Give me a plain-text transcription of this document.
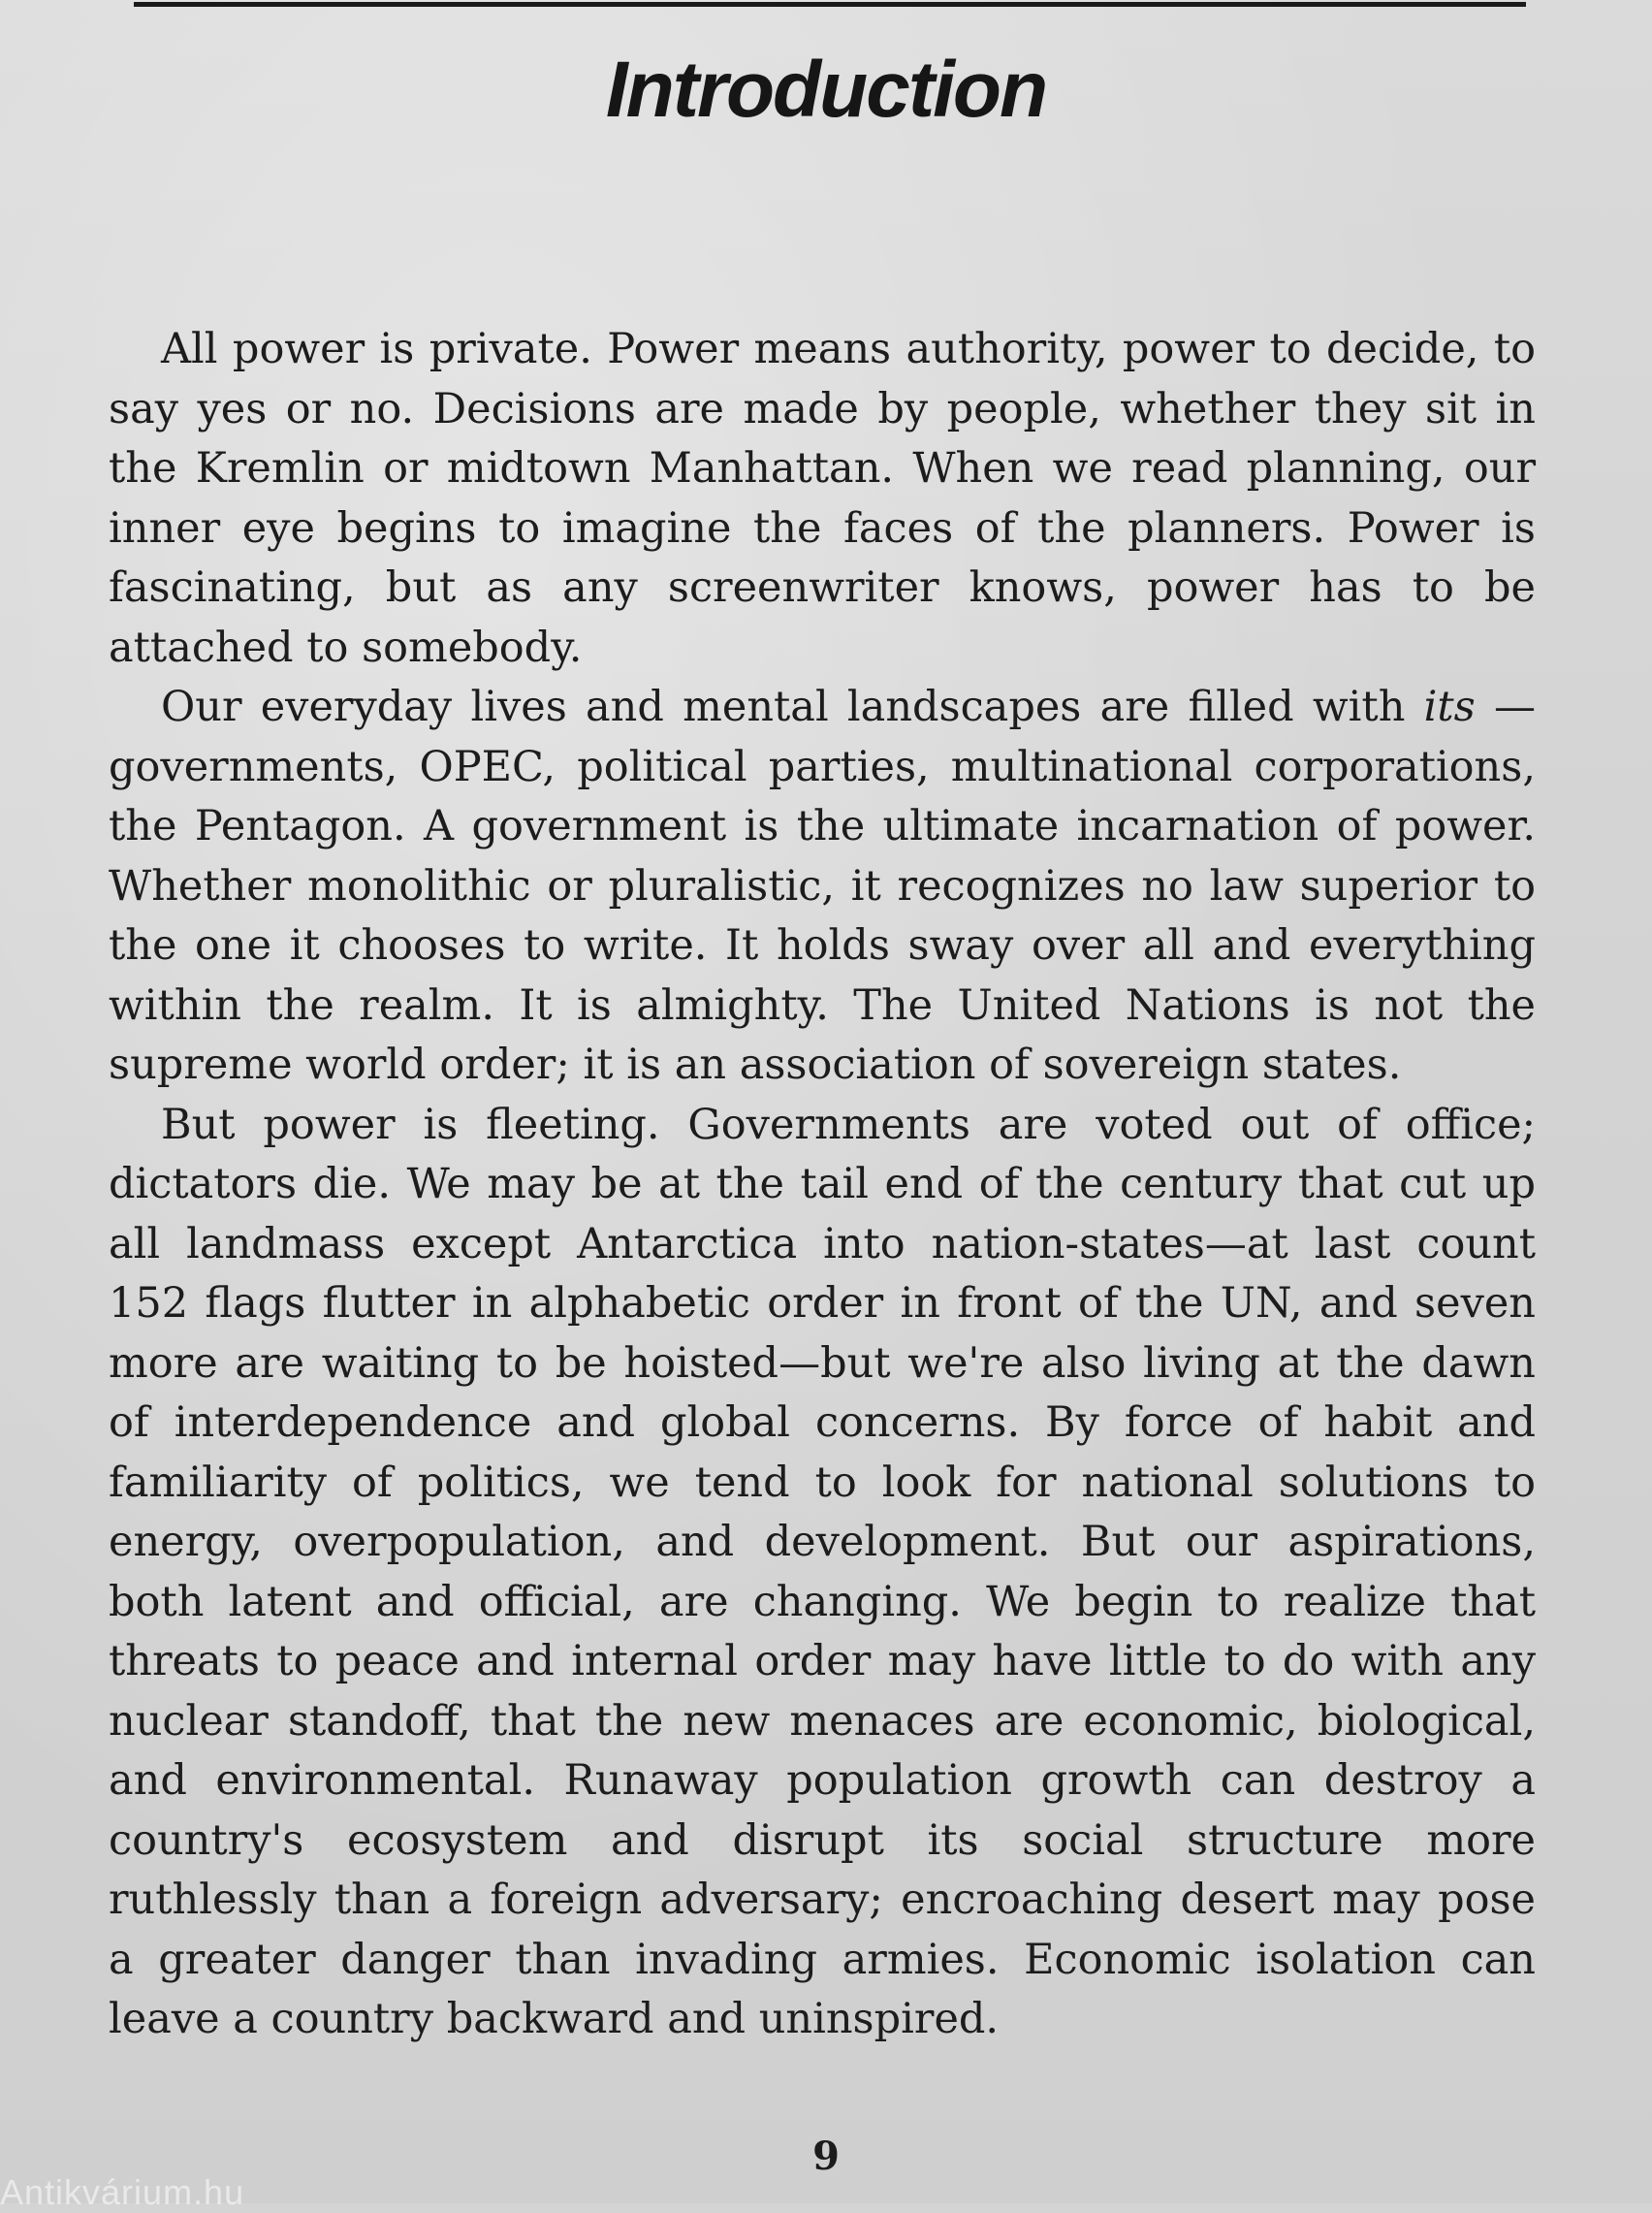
Introduction

All power is private. Power means authority, power to decide, to say yes or no. Decisions are made by people, whether they sit in the Kremlin or midtown Manhattan. When we read planning, our inner eye begins to imagine the faces of the planners. Power is fascinating, but as any screenwriter knows, power has to be attached to somebody.

Our everyday lives and mental landscapes are filled with its —governments, OPEC, political parties, multinational corporations, the Pentagon. A government is the ultimate incarnation of power. Whether monolithic or pluralistic, it recognizes no law superior to the one it chooses to write. It holds sway over all and everything within the realm. It is almighty. The United Nations is not the supreme world order; it is an association of sovereign states.

But power is fleeting. Governments are voted out of office; dictators die. We may be at the tail end of the century that cut up all landmass except Antarctica into nation-states—at last count 152 flags flutter in alphabetic order in front of the UN, and seven more are waiting to be hoisted—but we're also living at the dawn of interdependence and global concerns. By force of habit and familiarity of politics, we tend to look for national solutions to energy, overpopulation, and development. But our aspirations, both latent and official, are changing. We begin to realize that threats to peace and internal order may have little to do with any nuclear standoff, that the new menaces are economic, biological, and environmental. Runaway population growth can destroy a country's ecosystem and disrupt its social structure more ruthlessly than a foreign adversary; encroaching desert may pose a greater danger than invading armies. Economic isolation can leave a country backward and uninspired.

9

Antikvárium.hu
